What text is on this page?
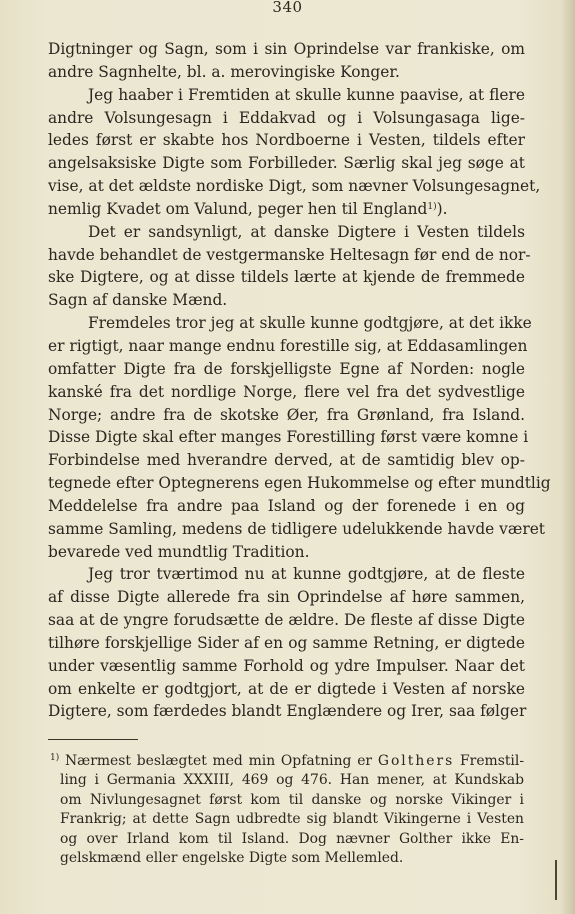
340
Digtninger og Sagn, som i sin Oprindelse var frankiske, om
andre Sagnhelte, bl. a. merovingiske Konger.
Jeg haaber i Fremtiden at skulle kunne paavise, at flere
andre Volsungesagn i Eddakvad og i Volsungasaga lige-
ledes først er skabte hos Nordboerne i Vesten, tildels efter
angelsaksiske Digte som Forbilleder. Særlig skal jeg søge at
vise, at det ældste nordiske Digt, som nævner Volsungesagnet,
nemlig Kvadet om Valund, peger hen til England$^{1)}$).
Det er sandsynligt, at danske Digtere i Vesten tildels
havde behandlet de vestgermanske Heltesagn før end de nor-
ske Digtere, og at disse tildels lærte at kjende de fremmede
Sagn af danske Mænd.
Fremdeles tror jeg at skulle kunne godtgjøre, at det ikke
er rigtigt, naar mange endnu forestille sig, at Eddasamlingen
omfatter Digte fra de forskjelligste Egne af Norden: nogle
kanské fra det nordlige Norge, flere vel fra det sydvestlige
Norge; andre fra de skotske Øer, fra Grønland, fra Island.
Disse Digte skal efter manges Forestilling først være komne i
Forbindelse med hverandre derved, at de samtidig blev op-
tegnede efter Optegnerens egen Hukommelse og efter mundtlig
Meddelelse fra andre paa Island og der forenede i en og
samme Samling, medens de tidligere udelukkende havde været
bevarede ved mundtlig Tradition.
Jeg tror tværtimod nu at kunne godtgjøre, at de fleste
af disse Digte allerede fra sin Oprindelse af høre sammen,
saa at de yngre forudsætte de ældre. De fleste af disse Digte
tilhøre forskjellige Sider af en og samme Retning, er digtede
under væsentlig samme Forhold og ydre Impulser. Naar det
om enkelte er godtgjort, at de er digtede i Vesten af norske
Digtere, som færdedes blandt Englændere og Irer, saa følger
$^{1)}$ Nærmest beslægtet med min Opfatning er Golthers Fremstil-
ling i Germania XXXIII, 469 og 476. Han mener, at Kundskab
om Nivlungesagnet først kom til danske og norske Vikinger i
Frankrig; at dette Sagn udbredte sig blandt Vikingerne i Vesten
og over Irland kom til Island. Dog nævner Golther ikke En-
gelskmænd eller engelske Digte som Mellemled.
